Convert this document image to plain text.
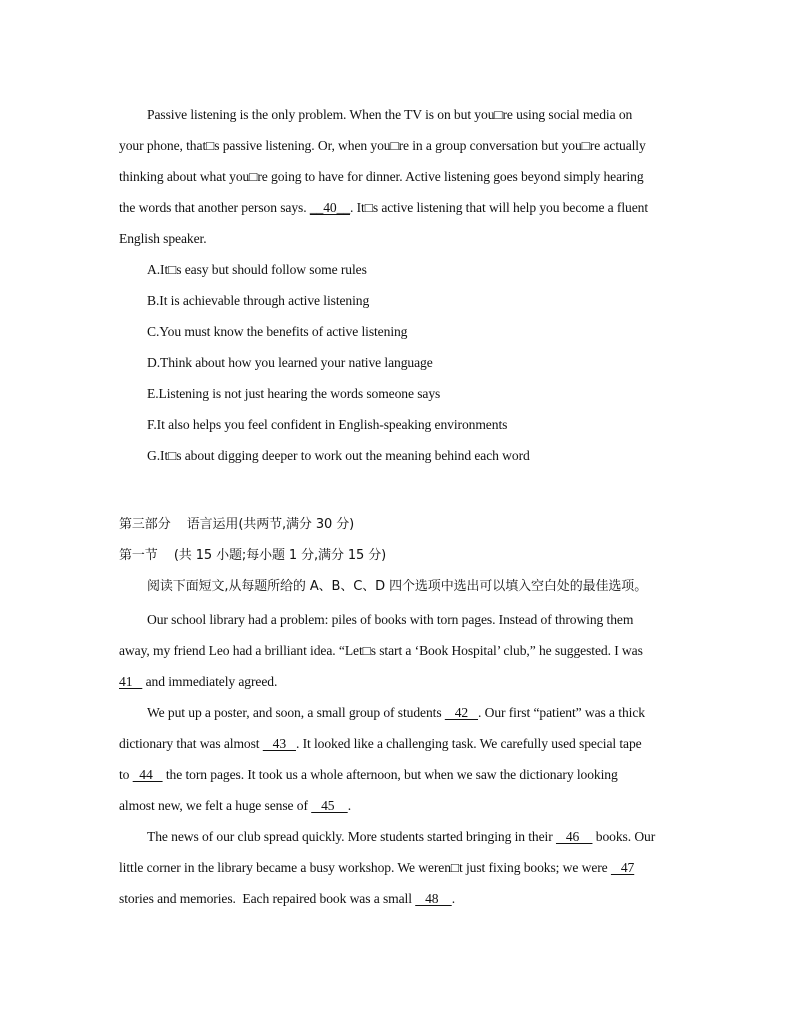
Passive listening is the only problem. When the TV is on but you□re using social media on
your phone, that□s passive listening. Or, when you□re in a group conversation but you□re actually
thinking about what you□re going to have for dinner. Active listening goes beyond simply hearing
the words that another person says. __40__. It□s active listening that will help you become a fluent
English speaker.
A.It□s easy but should follow some rules
B.It is achievable through active listening
C.You must know the benefits of active listening
D.Think about how you learned your native language
E.Listening is not just hearing the words someone says
F.It also helps you feel confident in English-speaking environments
G.It□s about digging deeper to work out the meaning behind each word
第三部分    语言运用(共两节,满分 30 分)
第一节    (共 15 小题;每小题 1 分,满分 15 分)
阅读下面短文,从每题所给的 A、B、C、D 四个选项中选出可以填入空白处的最佳选项。
Our school library had a problem: piles of books with torn pages. Instead of throwing them
away, my friend Leo had a brilliant idea. “Let□s start a ‘Book Hospital’ club,” he suggested. I was
41    and immediately agreed.
We put up a poster, and soon, a small group of students    42   . Our first “patient” was a thick
dictionary that was almost    43   . It looked like a challenging task. We carefully used special tape
to   44    the torn pages. It took us a whole afternoon, but when we saw the dictionary looking
almost new, we felt a huge sense of    45    .
The news of our club spread quickly. More students started bringing in their    46     books. Our
little corner in the library became a busy workshop. We weren□t just fixing books; we were    47
stories and memories.  Each repaired book was a small    48    .
